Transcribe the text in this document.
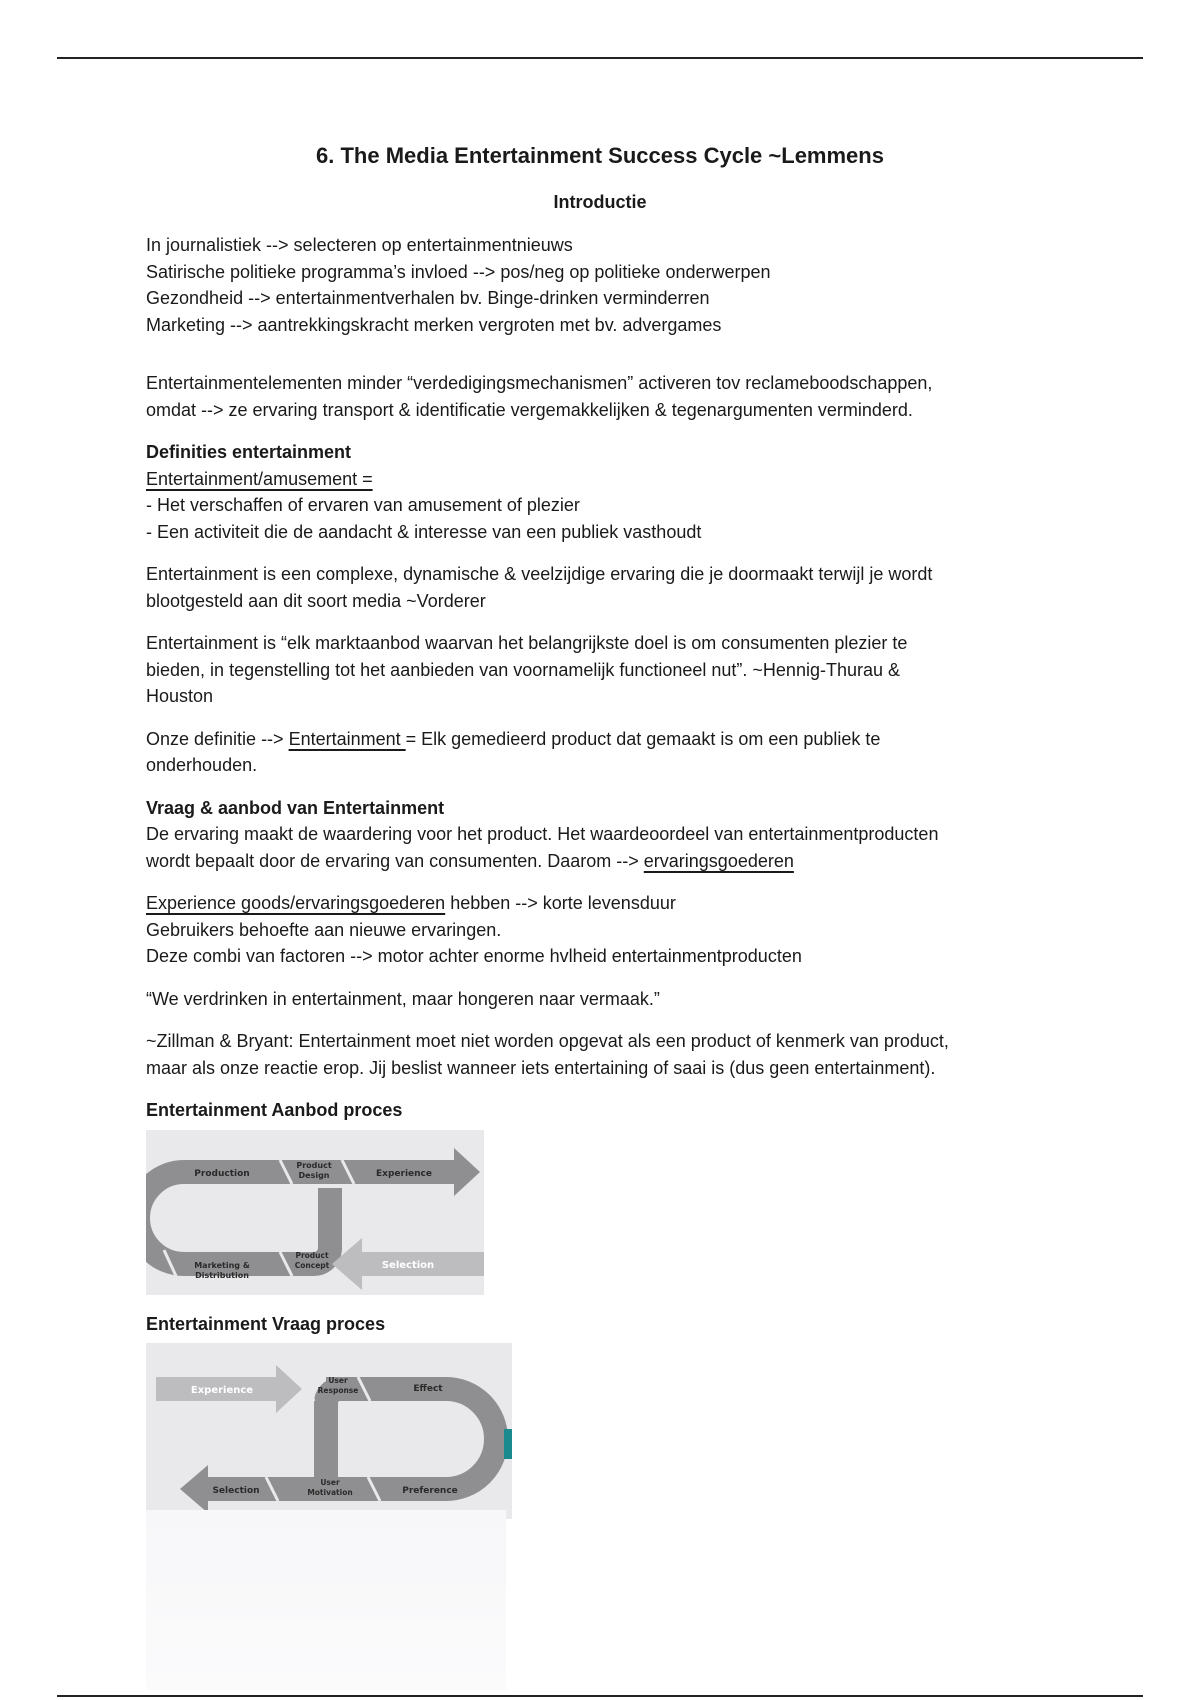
6. The Media Entertainment Success Cycle ~Lemmens
Introductie

In journalistiek --> selecteren op entertainmentnieuws

Satirische politieke programma’s invloed --> pos/neg op politieke onderwerpen

Gezondheid --> entertainmentverhalen bv. Binge-drinken verminderren

Marketing --> aantrekkingskracht merken vergroten met bv. advergames

Entertainmentelementen minder “verdedigingsmechanismen” activeren tov reclameboodschappen,

omdat --> ze ervaring transport & identificatie vergemakkelijken & tegenargumenten verminderd.

Definities entertainment

Entertainment/amusement =

- Het verschaffen of ervaren van amusement of plezier

- Een activiteit die de aandacht & interesse van een publiek vasthoudt

Entertainment is een complexe, dynamische & veelzijdige ervaring die je doormaakt terwijl je wordt

blootgesteld aan dit soort media ~Vorderer

Entertainment is “elk marktaanbod waarvan het belangrijkste doel is om consumenten plezier te

bieden, in tegenstelling tot het aanbieden van voornamelijk functioneel nut”. ~Hennig-Thurau &

Houston

Onze definitie --> Entertainment = Elk gemedieerd product dat gemaakt is om een publiek te

onderhouden.

Vraag & aanbod van Entertainment

De ervaring maakt de waardering voor het product. Het waardeoordeel van entertainmentproducten

wordt bepaalt door de ervaring van consumenten. Daarom --> ervaringsgoederen

Experience goods/ervaringsgoederen hebben --> korte levensduur

Gebruikers behoefte aan nieuwe ervaringen.

Deze combi van factoren --> motor achter enorme hvlheid entertainmentproducten

“We verdrinken in entertainment, maar hongeren naar vermaak.”

~Zillman & Bryant: Entertainment moet niet worden opgevat als een product of kenmerk van product,

maar als onze reactie erop. Jij beslist wanneer iets entertaining of saai is (dus geen entertainment).

Entertainment Aanbod proces

Production
Product
Design	Experience
Selection
Marketing &
Distribution
Product
Concept

Entertainment Vraag proces

Experience
User
Response	Effect
Selection
User
Motivation	Preference
